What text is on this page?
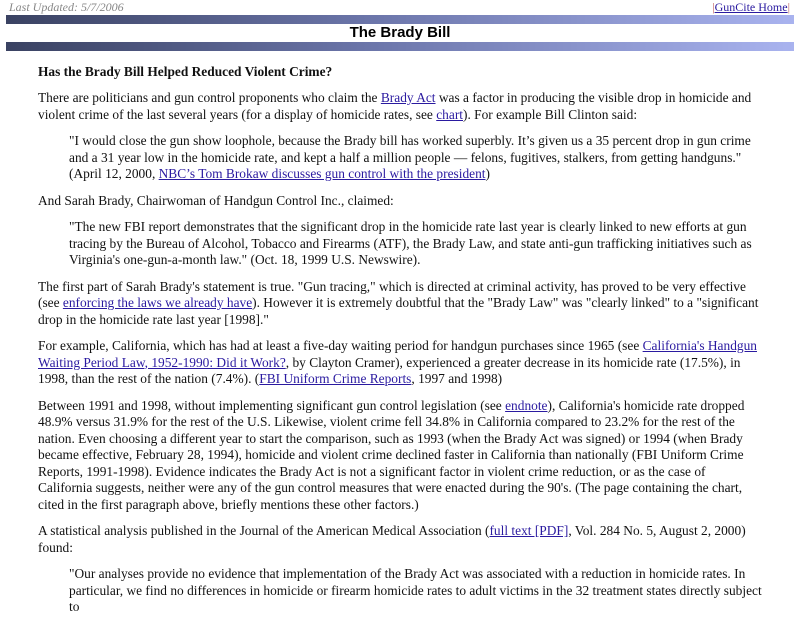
Last Updated: 5/7/2006	|GunCite Home|
The Brady Bill
Has the Brady Bill Helped Reduced Violent Crime?

There are politicians and gun control proponents who claim the Brady Act was a factor in producing the visible drop in homicide and violent crime of the last several years (for a display of homicide rates, see chart). For example Bill Clinton said:

"I would close the gun show loophole, because the Brady bill has worked superbly. It’s given us a 35 percent drop in gun crime and a 31 year low in the homicide rate, and kept a half a million people — felons, fugitives, stalkers, from getting handguns." (April 12, 2000, NBC’s Tom Brokaw discusses gun control with the president)

And Sarah Brady, Chairwoman of Handgun Control Inc., claimed:

"The new FBI report demonstrates that the significant drop in the homicide rate last year is clearly linked to new efforts at gun tracing by the Bureau of Alcohol, Tobacco and Firearms (ATF), the Brady Law, and state anti-gun trafficking initiatives such as Virginia's one-gun-a-month law." (Oct. 18, 1999 U.S. Newswire).

The first part of Sarah Brady's statement is true. "Gun tracing," which is directed at criminal activity, has proved to be very effective (see enforcing the laws we already have). However it is extremely doubtful that the "Brady Law" was "clearly linked" to a "significant drop in the homicide rate last year [1998]."

For example, California, which has had at least a five-day waiting period for handgun purchases since 1965 (see California's Handgun Waiting Period Law, 1952-1990: Did it Work?, by Clayton Cramer), experienced a greater decrease in its homicide rate (17.5%), in 1998, than the rest of the nation (7.4%). (FBI Uniform Crime Reports, 1997 and 1998)

Between 1991 and 1998, without implementing significant gun control legislation (see endnote), California's homicide rate dropped 48.9% versus 31.9% for the rest of the U.S. Likewise, violent crime fell 34.8% in California compared to 23.2% for the rest of the nation. Even choosing a different year to start the comparison, such as 1993 (when the Brady Act was signed) or 1994 (when Brady became effective, February 28, 1994), homicide and violent crime declined faster in California than nationally (FBI Uniform Crime Reports, 1991-1998). Evidence indicates the Brady Act is not a significant factor in violent crime reduction, or as the case of California suggests, neither were any of the gun control measures that were enacted during the 90's. (The page containing the chart, cited in the first paragraph above, briefly mentions these other factors.)

A statistical analysis published in the Journal of the American Medical Association (full text [PDF], Vol. 284 No. 5, August 2, 2000) found:

"Our analyses provide no evidence that implementation of the Brady Act was associated with a reduction in homicide rates. In particular, we find no differences in homicide or firearm homicide rates to adult victims in the 32 treatment states directly subject to
